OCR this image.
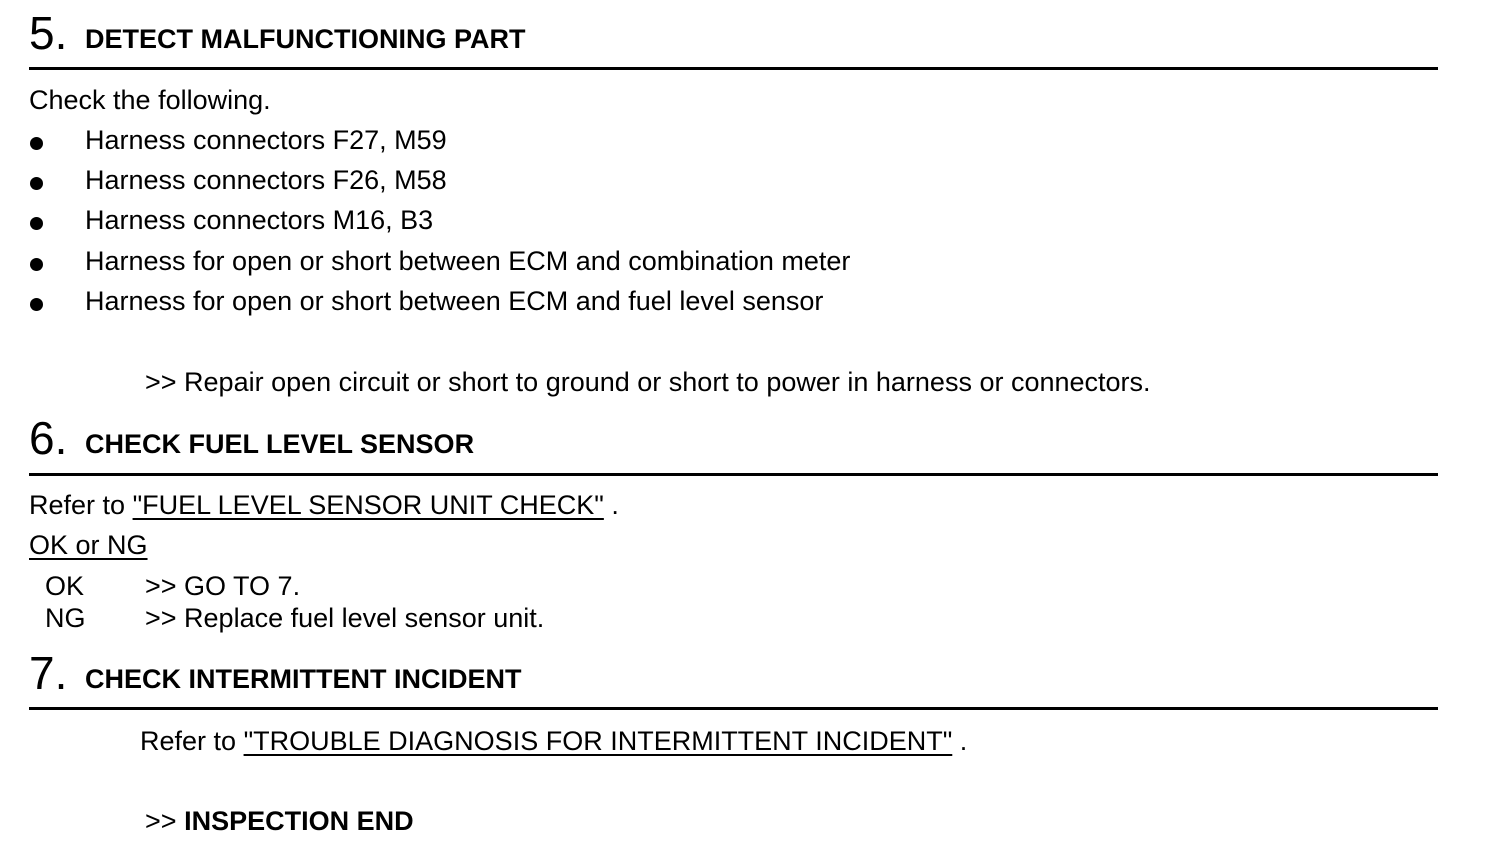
5. DETECT MALFUNCTIONING PART
Check the following.
Harness connectors F27, M59
Harness connectors F26, M58
Harness connectors M16, B3
Harness for open or short between ECM and combination meter
Harness for open or short between ECM and fuel level sensor
>> Repair open circuit or short to ground or short to power in harness or connectors.
6. CHECK FUEL LEVEL SENSOR
Refer to "FUEL LEVEL SENSOR UNIT CHECK" .
OK or NG
OK >> GO TO 7.
NG >> Replace fuel level sensor unit.
7. CHECK INTERMITTENT INCIDENT
Refer to "TROUBLE DIAGNOSIS FOR INTERMITTENT INCIDENT" .
>> INSPECTION END
